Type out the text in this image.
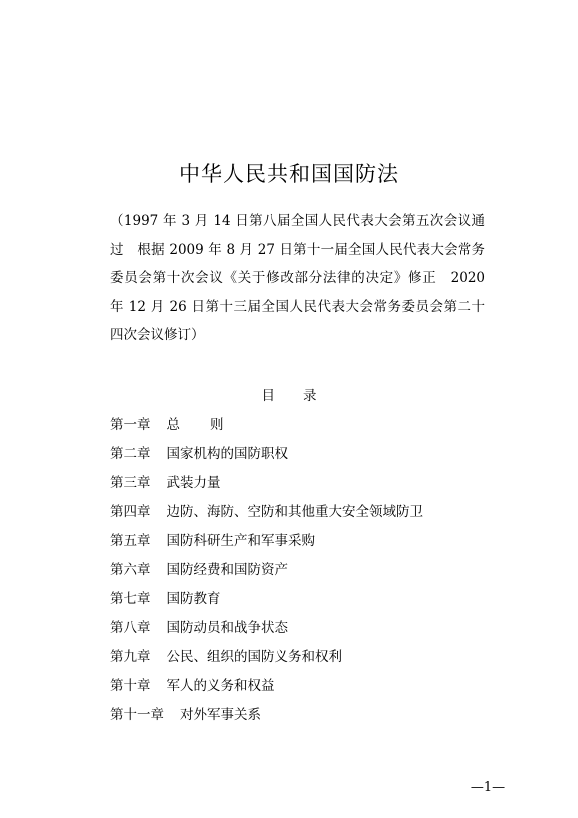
中华人民共和国国防法
（1997 年 3 月 14 日第八届全国人民代表大会第五次会议通过　根据 2009 年 8 月 27 日第十一届全国人民代表大会常务委员会第十次会议《关于修改部分法律的决定》修正　2020 年 12 月 26 日第十三届全国人民代表大会常务委员会第二十四次会议修订）
目录
第一章 总则
第二章 国家机构的国防职权
第三章 武装力量
第四章 边防、海防、空防和其他重大安全领域防卫
第五章 国防科研生产和军事采购
第六章 国防经费和国防资产
第七章 国防教育
第八章 国防动员和战争状态
第九章 公民、组织的国防义务和权利
第十章 军人的义务和权益
第十一章 对外军事关系
—1—
